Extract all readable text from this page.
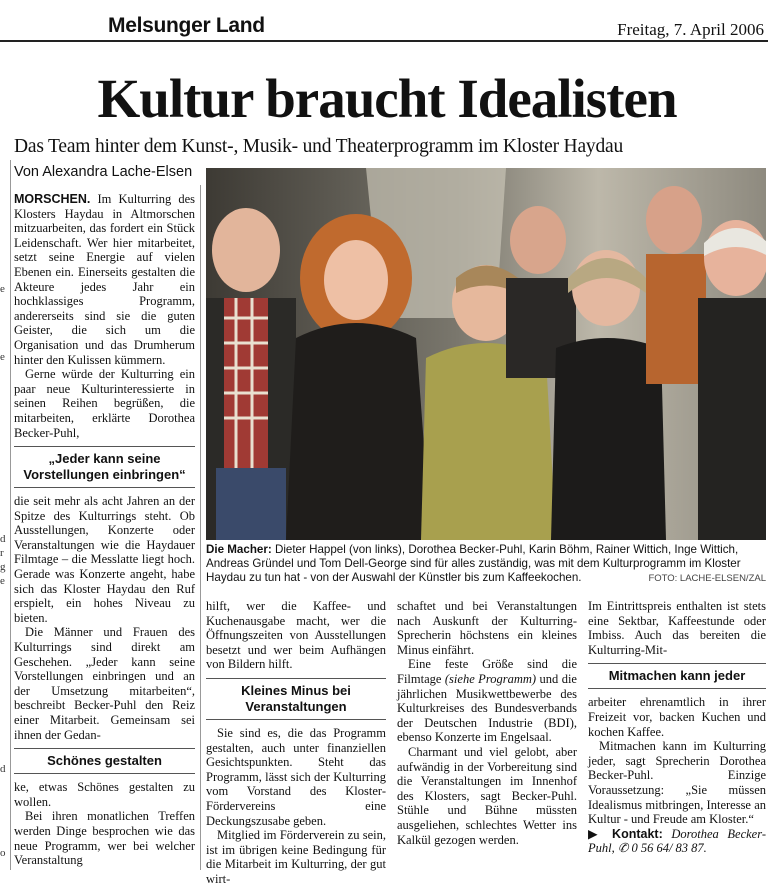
Melsunger Land	Freitag, 7. April 2006
e
e
d
r
g
e
d
o
Kultur braucht Idealisten
Das Team hinter dem Kunst-, Musik- und Theaterprogramm im Kloster Haydau
Von Alexandra Lache-Elsen

MORSCHEN. Im Kulturring des Klosters Haydau in Altmorschen mitzuarbeiten, das fordert ein Stück Leidenschaft. Wer hier mitarbeitet, setzt seine Energie auf vielen Ebenen ein. Einerseits gestalten die Akteure jedes Jahr ein hochklassiges Programm, andererseits sind sie die guten Geister, die sich um die Organisation und das Drumherum hinter den Kulissen kümmern.

Gerne würde der Kulturring ein paar neue Kulturinteressierte in seinen Reihen begrüßen, die mitarbeiten, erklärte Dorothea Becker-Puhl,

„Jeder kann seine Vorstellungen einbringen“

die seit mehr als acht Jahren an der Spitze des Kulturrings steht. Ob Ausstellungen, Konzerte oder Veranstaltungen wie die Haydauer Filmtage – die Messlatte liegt hoch. Gerade was Konzerte angeht, habe sich das Kloster Haydau den Ruf erspielt, ein hohes Niveau zu bieten.

Die Männer und Frauen des Kulturrings sind direkt am Geschehen. „Jeder kann seine Vorstellungen einbringen und an der Umsetzung mitarbeiten“, beschreibt Becker-Puhl den Reiz einer Mitarbeit. Gemeinsam sei ihnen der Gedan-

Schönes gestalten

ke, etwas Schönes gestalten zu wollen.

Bei ihren monatlichen Treffen werden Dinge besprochen wie das neue Programm, wer bei welcher Veranstaltung

Die Macher: Dieter Happel (von links), Dorothea Becker-Puhl, Karin Böhm, Rainer Wittich, Inge Wittich, Andreas Gründel und Tom Dell-George sind für alles zuständig, was mit dem Kulturprogramm im Kloster Haydau zu tun hat - von der Auswahl der Künstler bis zum Kaffeekochen.	FOTO: LACHE-ELSEN/ZAL

hilft, wer die Kaffee- und Kuchenausgabe macht, wer die Öffnungszeiten von Ausstellungen besetzt und wer beim Aufhängen von Bildern hilft.

Kleines Minus bei Veranstaltungen

Sie sind es, die das Programm gestalten, auch unter finanziellen Gesichtspunkten. Steht das Programm, lässt sich der Kulturring vom Vorstand des Kloster-Fördervereins eine Deckungszusabe geben.

Mitglied im Förderverein zu sein, ist im übrigen keine Bedingung für die Mitarbeit im Kulturring, der gut wirt-

schaftet und bei Veranstaltungen nach Auskunft der Kulturring-Sprecherin höchstens ein kleines Minus einfährt.

Eine feste Größe sind die Filmtage (siehe Programm) und die jährlichen Musikwettbewerbe des Kulturkreises des Bundesverbands der Deutschen Industrie (BDI), ebenso Konzerte im Engelsaal.

Charmant und viel gelobt, aber aufwändig in der Vorbereitung sind die Veranstaltungen im Innenhof des Klosters, sagt Becker-Puhl. Stühle und Bühne müssten ausgeliehen, schlechtes Wetter ins Kalkül gezogen werden.

Im Eintrittspreis enthalten ist stets eine Sektbar, Kaffeestunde oder Imbiss. Auch das bereiten die Kulturring-Mit-

Mitmachen kann jeder

arbeiter ehrenamtlich in ihrer Freizeit vor, backen Kuchen und kochen Kaffee.

Mitmachen kann im Kulturring jeder, sagt Sprecherin Dorothea Becker-Puhl. Einzige Voraussetzung: „Sie müssen Idealismus mitbringen, Interesse an Kultur - und Freude am Kloster.“

▶ Kontakt: Dorothea Becker-Puhl, ✆ 0 56 64/ 83 87.
